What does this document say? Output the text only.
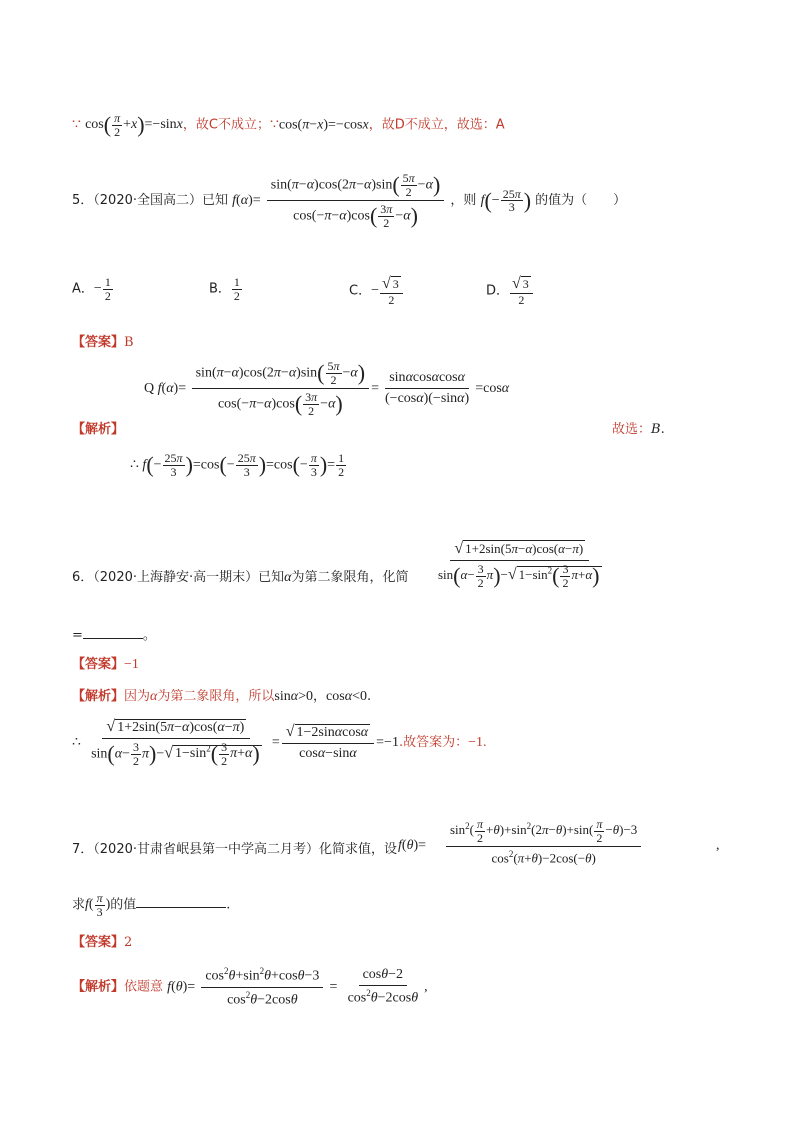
∵ $\cos( \frac{\pi}{2} +x)=-\sin x$，故C不成立；∵cos(π−x)=−cosx，故D不成立，故选：A
5．（2020·全国高二）已知 $f(\alpha)= \frac{\sin(\pi-\alpha)\cos(2\pi-\alpha)\sin( \frac{5\pi}{2} -\alpha)}{\cos(-\pi-\alpha)\cos( \frac{3\pi}{2} -\alpha)}$ ，则 $f(- \frac{25\pi}{3}$ ) 的值为（　　）
A．− $\frac{1}{2}$	B． $\frac{1}{2}$	C．− $\frac{√ 3}{2}$	D． $\frac{√ 3}{2}$
【答案】B
【解析】
Q $f(\alpha)= \frac{\sin(\pi-\alpha)\cos(2\pi-\alpha)\sin( \frac{5\pi}{2} -\alpha)}{\cos(-\pi-\alpha)\cos( \frac{3\pi}{2} -\alpha)} = \frac{\sin\alpha\cos\alpha\cos\alpha}{(-\cos\alpha)(-\sin\alpha)} =\cos\alpha$
故选：B.
∴ $f(- \frac{25\pi}{3} )=\cos(- \frac{25\pi}{3} )=\cos(- \frac{\pi}{3}$ )= $\frac{1}{2}$
6．（2020·上海静安·高一期末）已知α为第二象限角，化简 $\frac{√ 1+2\sin(5\pi-\alpha)\cos(\alpha-\pi)}{\sin(\alpha- \frac{3}{2} \pi)-√ 1-\sin^2( \frac{3}{2} \pi+\alpha)}$
=	。
【答案】−1
【解析】因为α为第二象限角，所以sinα>0，cosα<0.
∴ $\frac{√ 1+2\sin(5\pi-\alpha)\cos(\alpha-\pi)}{\sin(\alpha- \frac{3}{2} \pi)-√ 1-\sin^2( \frac{3}{2} \pi+\alpha)} = \frac{√ 1-2\sin\alpha\cos\alpha}{\cos\alpha-\sin\alpha} =-1$.故答案为：−1.
7．（2020·甘肃省岷县第一中学高二月考）化简求值，设 $f(\theta)= \frac{\sin^2( \frac{\pi}{2} +\theta)+\sin^2(2\pi-\theta)+\sin( \frac{\pi}{2} -\theta)-3}{\cos^2(\pi+\theta)-2\cos(-\theta)}$	,
求$f( \frac{\pi}{3}$ )的值	.
【答案】2
【解析】依题意 $f(\theta)= \frac{\cos^2\theta+\sin^2\theta+\cos\theta-3}{\cos^2\theta-2\cos\theta} = \frac{\cos\theta-2}{\cos^2\theta-2\cos\theta}$ ,
